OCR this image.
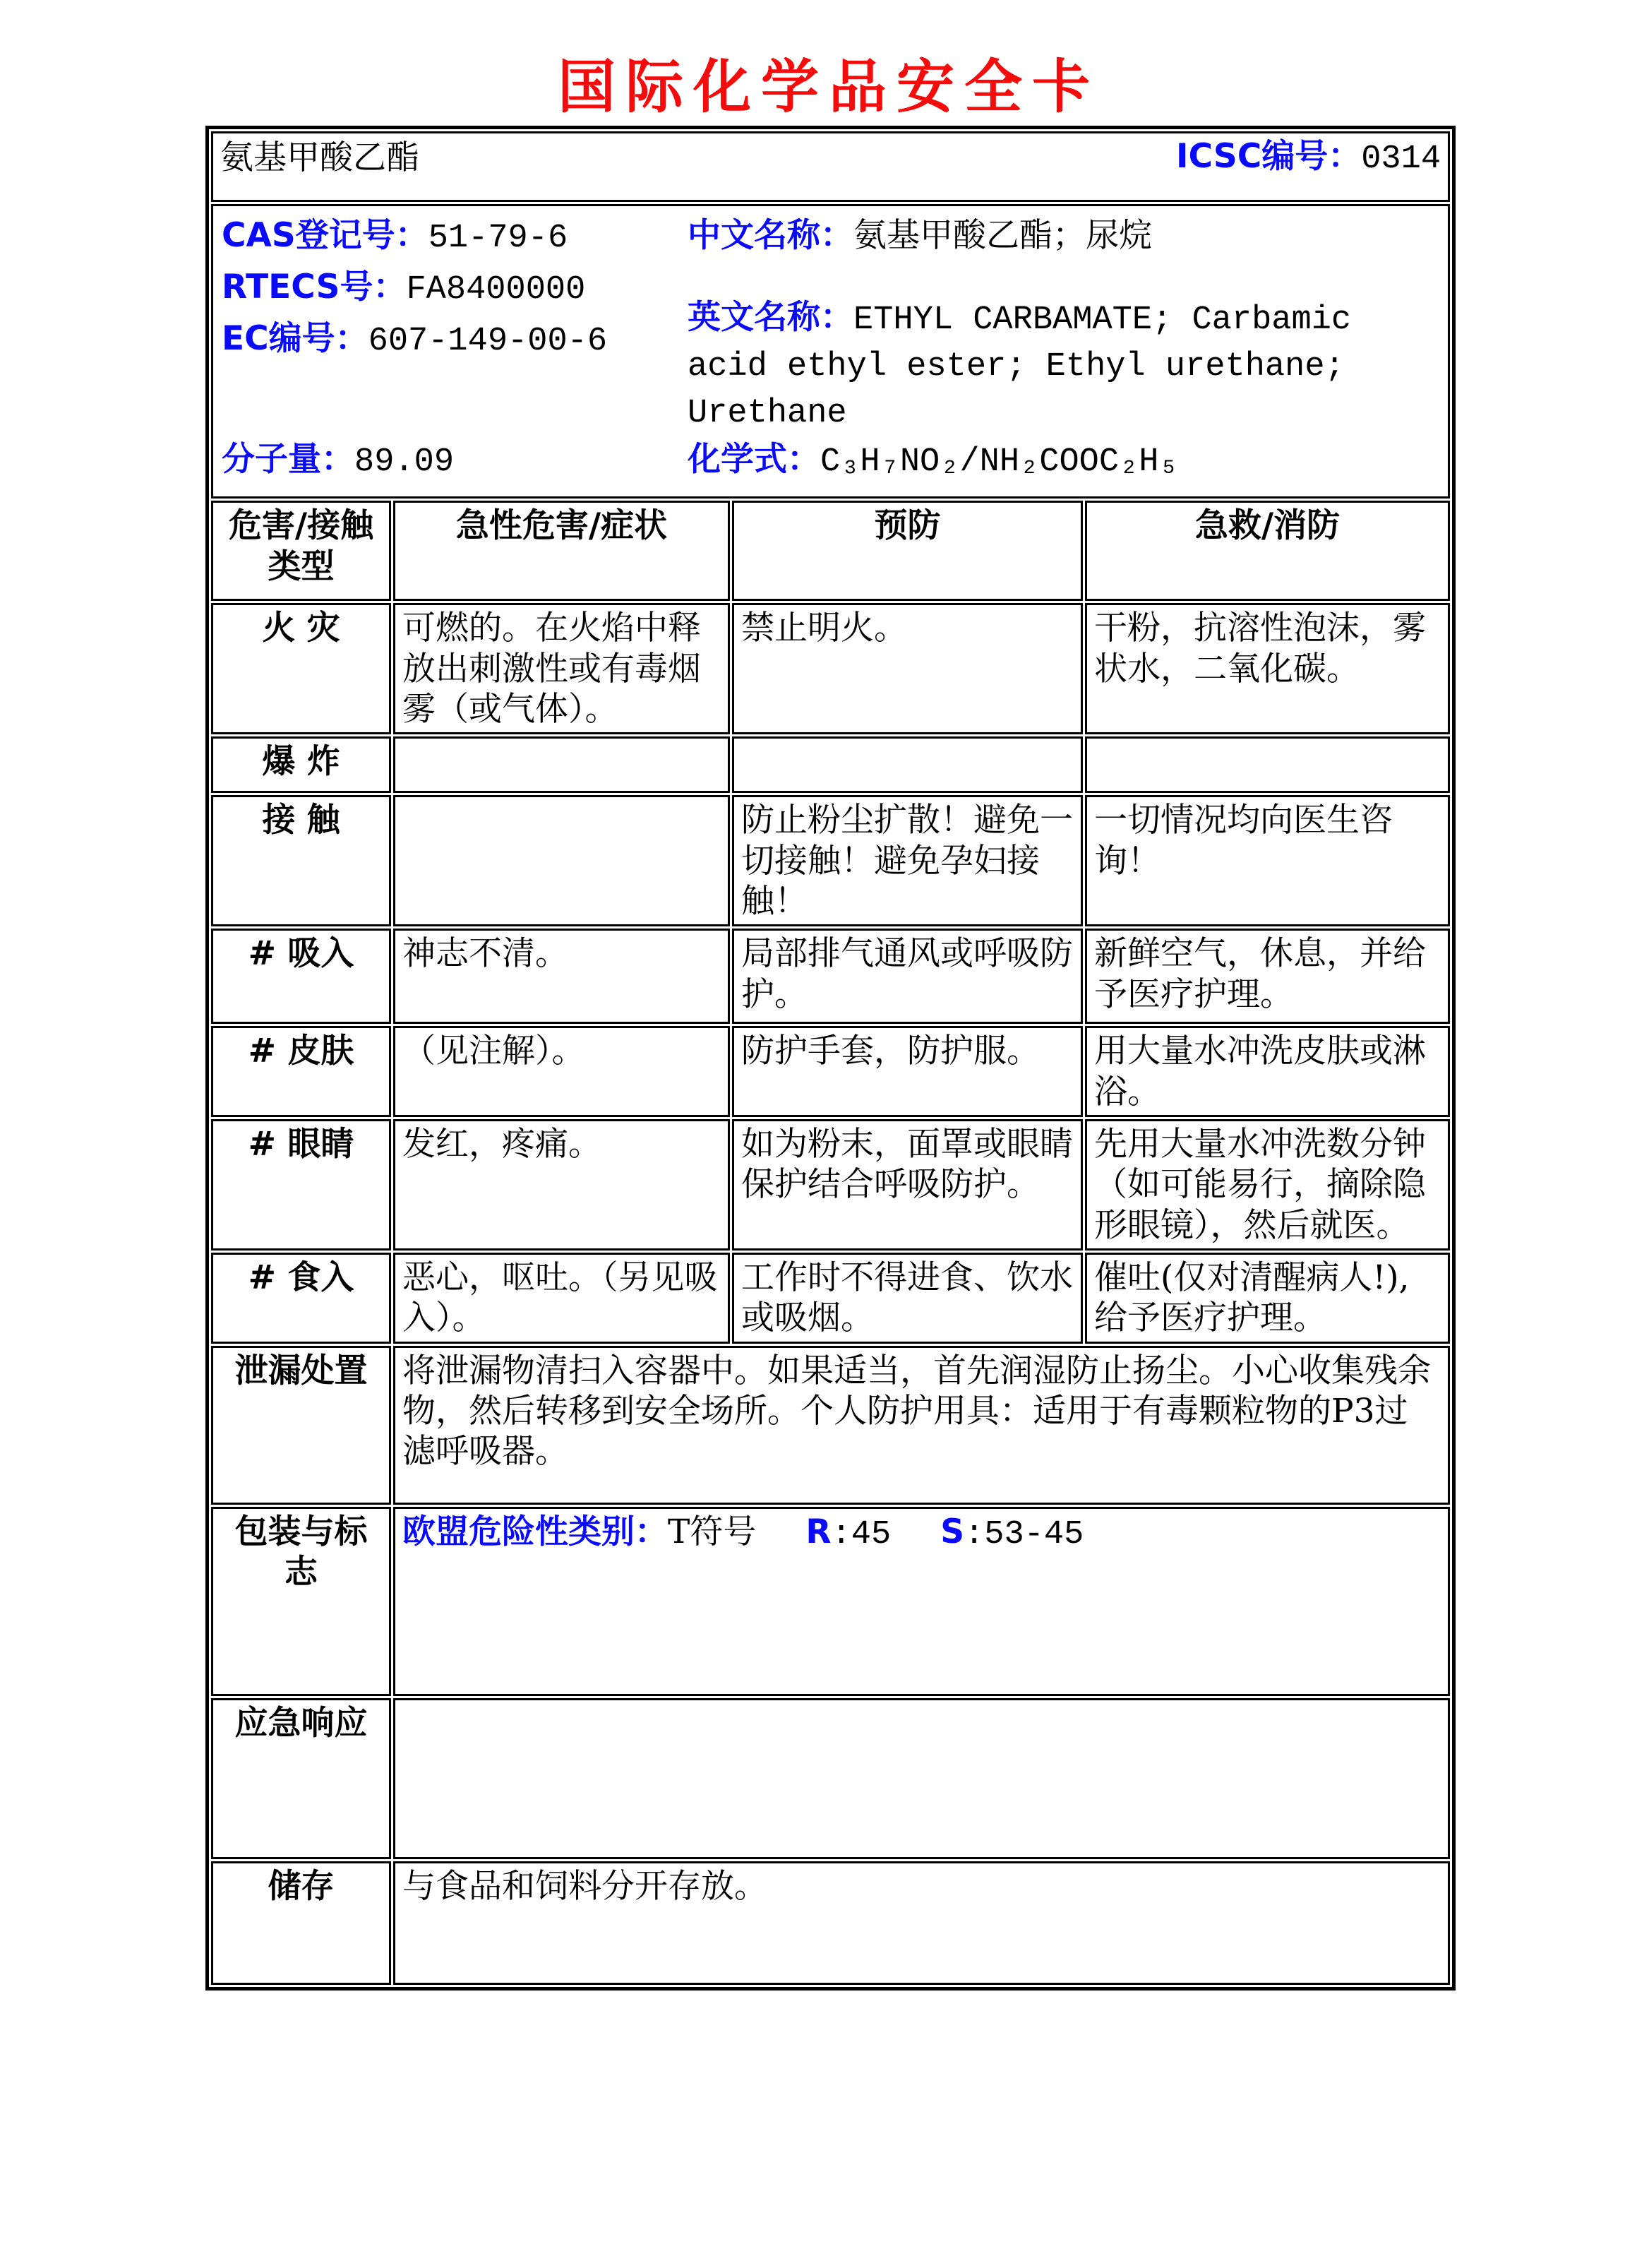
国际化学品安全卡
氨基甲酸乙酯 ICSC编号：0314			

CAS登记号：51-79-6
RTECS号：FA8400000
EC编号：607-149-00-6
中文名称：氨基甲酸乙酯；尿烷
英文名称：ETHYL CARBAMATE; Carbamic acid ethyl ester; Ethyl urethane; Urethane
分子量：89.09	化学式：C₃H₇NO₂/NH₂COOC₂H₅

危害/接触类型	急性危害/症状	预防	急救/消防
火 灾	可燃的。在火焰中释放出刺激性或有毒烟雾（或气体）。	禁止明火。	干粉，抗溶性泡沫，雾状水，二氧化碳。
爆 炸			
接 触		防止粉尘扩散！避免一切接触！避免孕妇接触！	一切情况均向医生咨询！
# 吸入	神志不清。	局部排气通风或呼吸防护。	新鲜空气，休息，并给予医疗护理。
# 皮肤	（见注解）。	防护手套，防护服。	用大量水冲洗皮肤或淋浴。
# 眼睛	发红，疼痛。	如为粉末，面罩或眼睛保护结合呼吸防护。	先用大量水冲洗数分钟（如可能易行，摘除隐形眼镜），然后就医。
# 食入	恶心，呕吐。（另见吸入）。	工作时不得进食、饮水或吸烟。	催吐(仅对清醒病人!),给予医疗护理。
泄漏处置	将泄漏物清扫入容器中。如果适当，首先润湿防止扬尘。小心收集残余物，然后转移到安全场所。个人防护用具：适用于有毒颗粒物的P3过滤呼吸器。		
包装与标志	欧盟危险性类别：T符号 R:45 S:53-45		
应急响应			
储存	与食品和饲料分开存放。		
